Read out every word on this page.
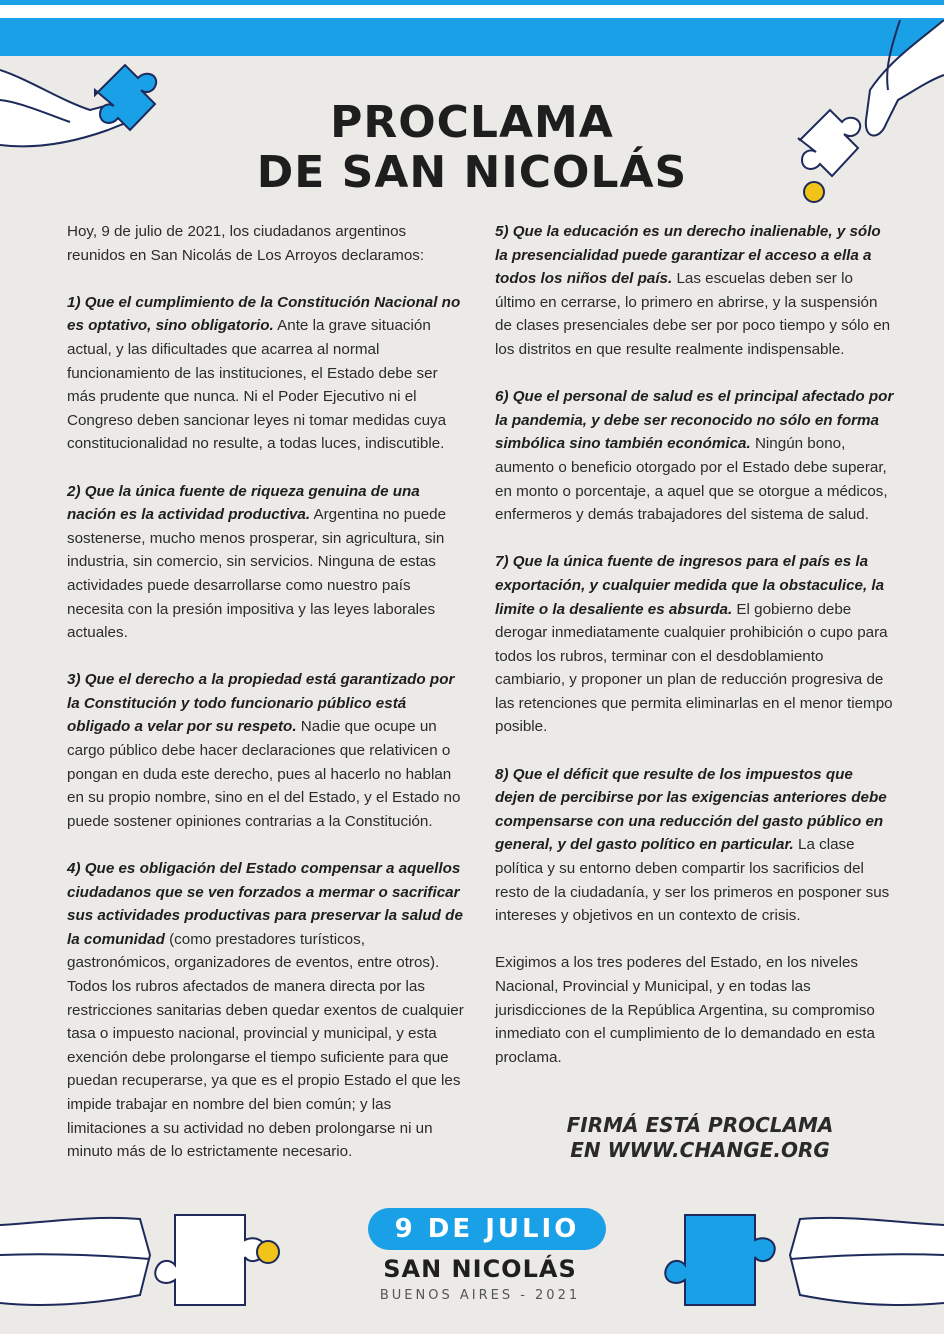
PROCLAMA
DE SAN NICOLÁS

Hoy, 9 de julio de 2021, los ciudadanos argentinos reunidos en San Nicolás de Los Arroyos declaramos:

1) Que el cumplimiento de la Constitución Nacional no es optativo, sino obligatorio. Ante la grave situación actual, y las dificultades que acarrea al normal funcionamiento de las instituciones, el Estado debe ser más prudente que nunca. Ni el Poder Ejecutivo ni el Congreso deben sancionar leyes ni tomar medidas cuya constitucionalidad no resulte, a todas luces, indiscutible.

2) Que la única fuente de riqueza genuina de una nación es la actividad productiva. Argentina no puede sostenerse, mucho menos prosperar, sin agricultura, sin industria, sin comercio, sin servicios. Ninguna de estas actividades puede desarrollarse como nuestro país necesita con la presión impositiva y las leyes laborales actuales.

3) Que el derecho a la propiedad está garantizado por la Constitución y todo funcionario público está obligado a velar por su respeto. Nadie que ocupe un cargo público debe hacer declaraciones que relativicen o pongan en duda este derecho, pues al hacerlo no hablan en su propio nombre, sino en el del Estado, y el Estado no puede sostener opiniones contrarias a la Constitución.

4) Que es obligación del Estado compensar a aquellos ciudadanos que se ven forzados a mermar o sacrificar sus actividades productivas para preservar la salud de la comunidad (como prestadores turísticos, gastronómicos, organizadores de eventos, entre otros). Todos los rubros afectados de manera directa por las restricciones sanitarias deben quedar exentos de cualquier tasa o impuesto nacional, provincial y municipal, y esta exención debe prolongarse el tiempo suficiente para que puedan recuperarse, ya que es el propio Estado el que les impide trabajar en nombre del bien común; y las limitaciones a su actividad no deben prolongarse ni un minuto más de lo estrictamente necesario.

5) Que la educación es un derecho inalienable, y sólo la presencialidad puede garantizar el acceso a ella a todos los niños del país. Las escuelas deben ser lo último en cerrarse, lo primero en abrirse, y la suspensión de clases presenciales debe ser por poco tiempo y sólo en los distritos en que resulte realmente indispensable.

6) Que el personal de salud es el principal afectado por la pandemia, y debe ser reconocido no sólo en forma simbólica sino también económica. Ningún bono, aumento o beneficio otorgado por el Estado debe superar, en monto o porcentaje, a aquel que se otorgue a médicos, enfermeros y demás trabajadores del sistema de salud.

7) Que la única fuente de ingresos para el país es la exportación, y cualquier medida que la obstaculice, la limite o la desaliente es absurda. El gobierno debe derogar inmediatamente cualquier prohibición o cupo para todos los rubros, terminar con el desdoblamiento cambiario, y proponer un plan de reducción progresiva de las retenciones que permita eliminarlas en el menor tiempo posible.

8) Que el déficit que resulte de los impuestos que dejen de percibirse por las exigencias anteriores debe compensarse con una reducción del gasto público en general, y del gasto político en particular. La clase política y su entorno deben compartir los sacrificios del resto de la ciudadanía, y ser los primeros en posponer sus intereses y objetivos en un contexto de crisis.

Exigimos a los tres poderes del Estado, en los niveles Nacional, Provincial y Municipal, y en todas las jurisdicciones de la República Argentina, su compromiso inmediato con el cumplimiento de lo demandado en esta proclama.

FIRMÁ ESTÁ PROCLAMA
EN WWW.CHANGE.ORG
9 DE JULIO
SAN NICOLÁS
BUENOS AIRES - 2021
